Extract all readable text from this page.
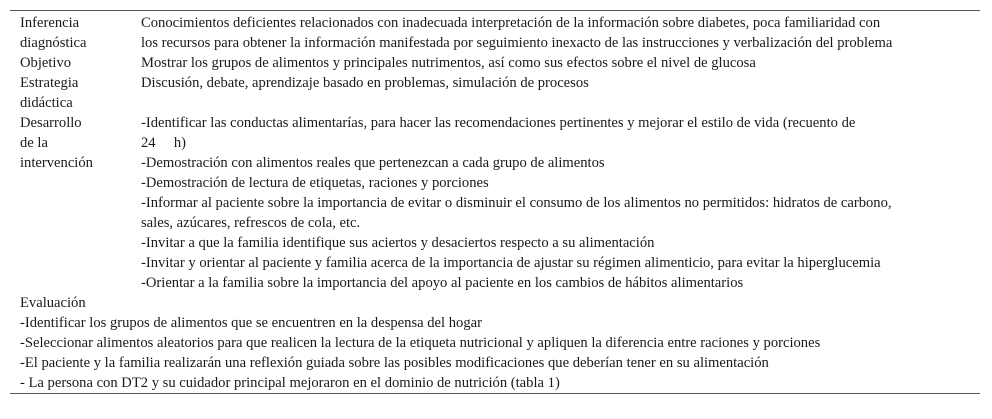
Inferencia
diagnóstica
Conocimientos deficientes relacionados con inadecuada interpretación de la información sobre diabetes, poca familiaridad con
los recursos para obtener la información manifestada por seguimiento inexacto de las instrucciones y verbalización del problema
Objetivo	Mostrar los grupos de alimentos y principales nutrimentos, así como sus efectos sobre el nivel de glucosa
Estrategia
didáctica
Discusión, debate, aprendizaje basado en problemas, simulación de procesos
Desarrollo
de la
intervención
-Identificar las conductas alimentarías, para hacer las recomendaciones pertinentes y mejorar el estilo de vida (recuento de
24     h)
-Demostración con alimentos reales que pertenezcan a cada grupo de alimentos
-Demostración de lectura de etiquetas, raciones y porciones
-Informar al paciente sobre la importancia de evitar o disminuir el consumo de los alimentos no permitidos: hidratos de carbono,
sales, azúcares, refrescos de cola, etc.
-Invitar a que la familia identifique sus aciertos y desaciertos respecto a su alimentación
-Invitar y orientar al paciente y familia acerca de la importancia de ajustar su régimen alimenticio, para evitar la hiperglucemia
-Orientar a la familia sobre la importancia del apoyo al paciente en los cambios de hábitos alimentarios
Evaluación
-Identificar los grupos de alimentos que se encuentren en la despensa del hogar
-Seleccionar alimentos aleatorios para que realicen la lectura de la etiqueta nutricional y apliquen la diferencia entre raciones y porciones
-El paciente y la familia realizarán una reflexión guiada sobre las posibles modificaciones que deberían tener en su alimentación
- La persona con DT2 y su cuidador principal mejoraron en el dominio de nutrición (tabla 1)
